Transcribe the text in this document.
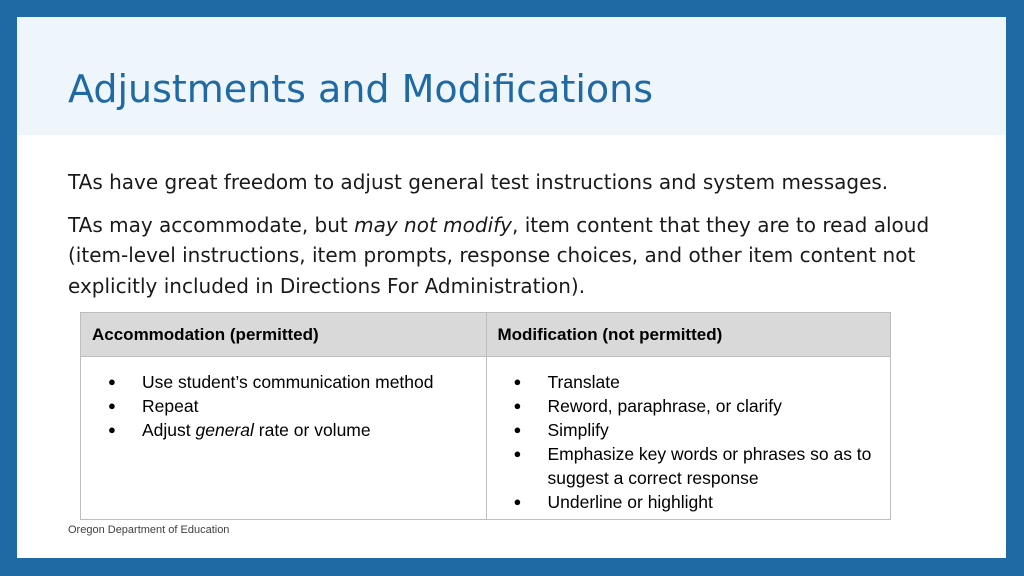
Adjustments and Modifications

TAs have great freedom to adjust general test instructions and system messages.

TAs may accommodate, but may not modify, item content that they are to read aloud (item-level instructions, item prompts, response choices, and other item content not explicitly included in Directions For Administration).

Accommodation (permitted)
● Use student’s communication method
● Repeat
● Adjust general rate or volume
Modification (not permitted)
● Translate
● Reword, paraphrase, or clarify
● Simplify
● Emphasize key words or phrases so as to suggest a correct response
● Underline or highlight
Oregon Department of Education
